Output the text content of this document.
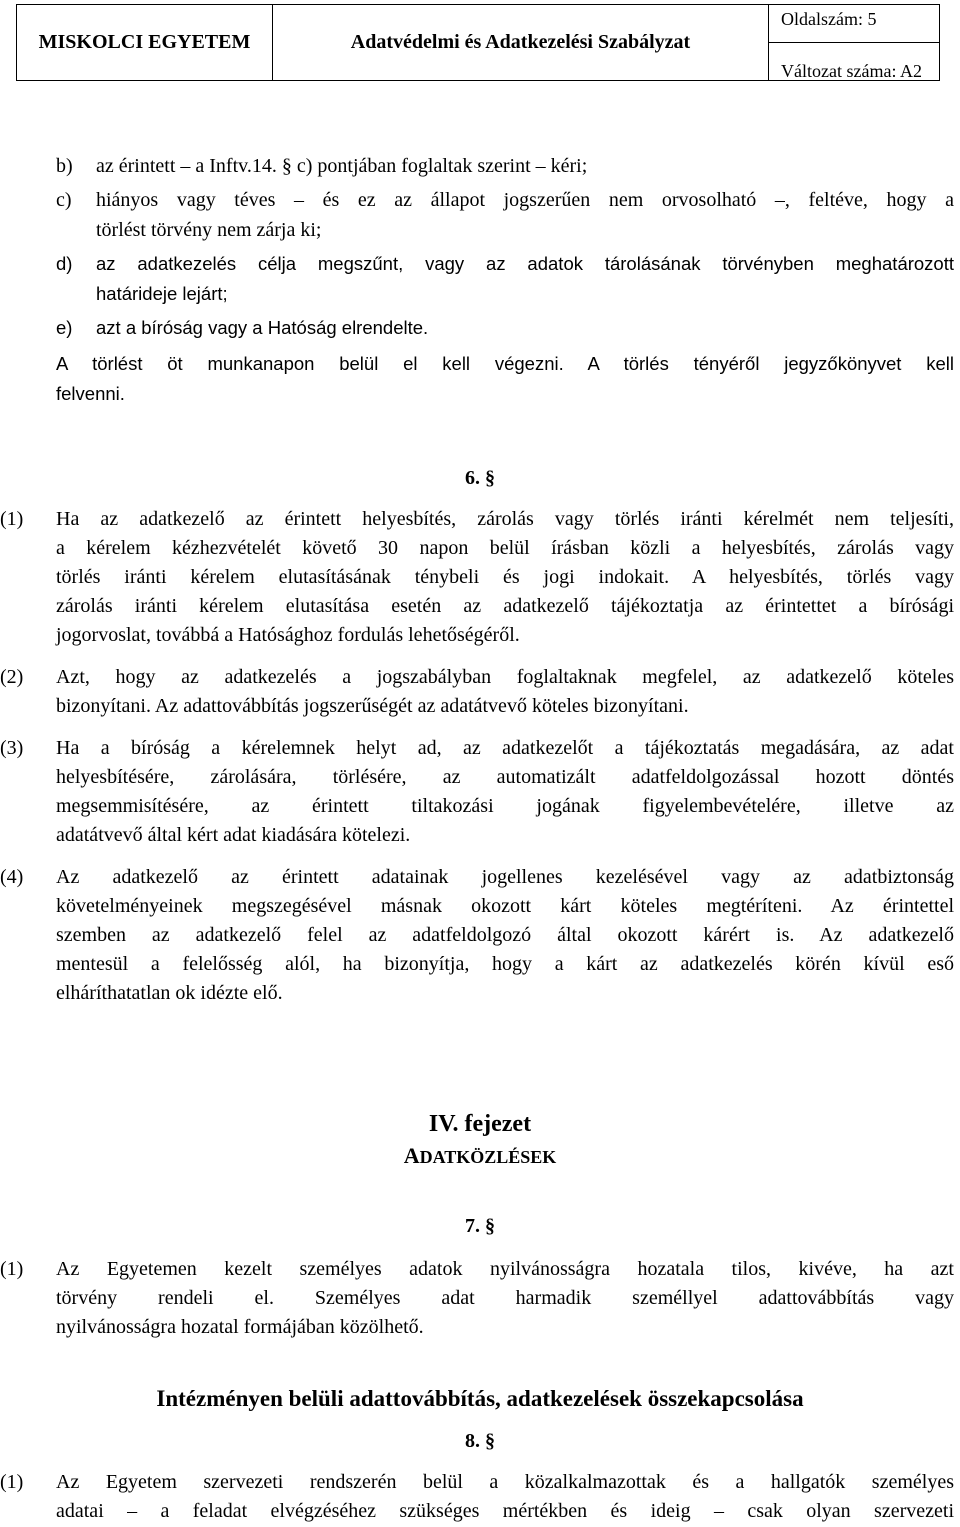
MISKOLCI EGYETEM	Adatvédelmi és Adatkezelési Szabályzat
Oldalszám: 5
Változat száma: A2
b) az érintett – a Inftv.14. § c) pontjában foglaltak szerint – kéri;
c) hiányos vagy téves – és ez az állapot jogszerűen nem orvosolható –, feltéve, hogy a
törlést törvény nem zárja ki;
d) az adatkezelés célja megszűnt, vagy az adatok tárolásának törvényben meghatározott
határideje lejárt;
e) azt a bíróság vagy a Hatóság elrendelte.
A törlést öt munkanapon belül el kell végezni. A törlés tényéről jegyzőkönyvet kell
felvenni.
6. §
(1) Ha az adatkezelő az érintett helyesbítés, zárolás vagy törlés iránti kérelmét nem teljesíti,
a kérelem kézhezvételét követő 30 napon belül írásban közli a helyesbítés, zárolás vagy
törlés iránti kérelem elutasításának ténybeli és jogi indokait. A helyesbítés, törlés vagy
zárolás iránti kérelem elutasítása esetén az adatkezelő tájékoztatja az érintettet a bírósági
jogorvoslat, továbbá a Hatósághoz fordulás lehetőségéről.
(2) Azt, hogy az adatkezelés a jogszabályban foglaltaknak megfelel, az adatkezelő köteles
bizonyítani. Az adattovábbítás jogszerűségét az adatátvevő köteles bizonyítani.
(3) Ha a bíróság a kérelemnek helyt ad, az adatkezelőt a tájékoztatás megadására, az adat
helyesbítésére, zárolására, törlésére, az automatizált adatfeldolgozással hozott döntés
megsemmisítésére, az érintett tiltakozási jogának figyelembevételére, illetve az
adatátvevő által kért adat kiadására kötelezi.
(4) Az adatkezelő az érintett adatainak jogellenes kezelésével vagy az adatbiztonság
követelményeinek megszegésével másnak okozott kárt köteles megtéríteni. Az érintettel
szemben az adatkezelő felel az adatfeldolgozó által okozott kárért is. Az adatkezelő
mentesül a felelősség alól, ha bizonyítja, hogy a kárt az adatkezelés körén kívül eső
elháríthatatlan ok idézte elő.
IV. fejezet
ADATKÖZLÉSEK
7. §
(1) Az Egyetemen kezelt személyes adatok nyilvánosságra hozatala tilos, kivéve, ha azt
törvény rendeli el. Személyes adat harmadik személlyel adattovábbítás vagy
nyilvánosságra hozatal formájában közölhető.
Intézményen belüli adattovábbítás, adatkezelések összekapcsolása
8. §
(1) Az Egyetem szervezeti rendszerén belül a közalkalmazottak és a hallgatók személyes
adatai – a feladat elvégzéséhez szükséges mértékben és ideig – csak olyan szervezeti
